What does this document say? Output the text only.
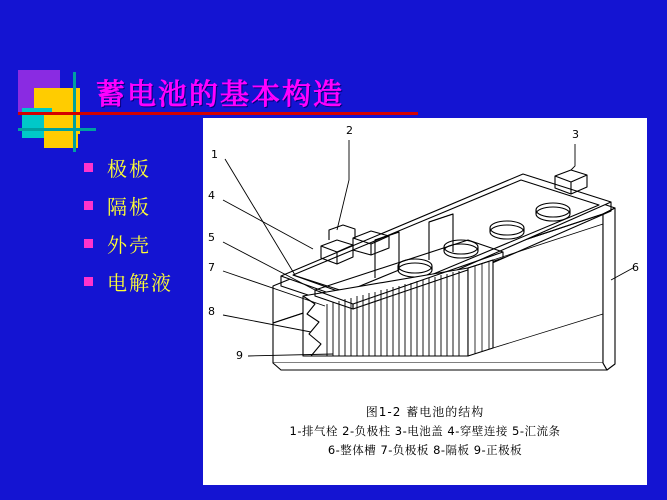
蓄电池的基本构造
极板
隔板
外壳
电解液
1
2	3
4
5
6
7
8
9
图1-2 蓄电池的结构
1-排气栓 2-负极柱 3-电池盖 4-穿壁连接 5-汇流条
6-整体槽 7-负极板 8-隔板 9-正极板
